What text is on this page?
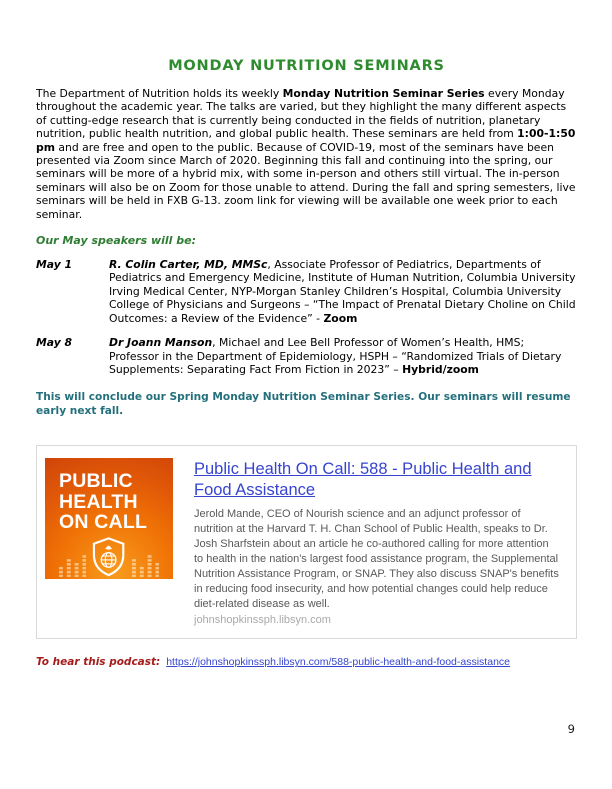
MONDAY NUTRITION SEMINARS

The Department of Nutrition holds its weekly Monday Nutrition Seminar Series every Monday throughout the academic year. The talks are varied, but they highlight the many different aspects of cutting-edge research that is currently being conducted in the fields of nutrition, planetary nutrition, public health nutrition, and global public health. These seminars are held from 1:00-1:50 pm and are free and open to the public. Because of COVID-19, most of the seminars have been presented via Zoom since March of 2020. Beginning this fall and continuing into the spring, our seminars will be more of a hybrid mix, with some in-person and others still virtual. The in-person seminars will also be on Zoom for those unable to attend. During the fall and spring semesters, live seminars will be held in FXB G-13. zoom link for viewing will be available one week prior to each seminar.

Our May speakers will be:

May 1	R. Colin Carter, MD, MMSc, Associate Professor of Pediatrics, Departments of Pediatrics and Emergency Medicine, Institute of Human Nutrition, Columbia University Irving Medical Center, NYP-Morgan Stanley Children’s Hospital, Columbia University College of Physicians and Surgeons – “The Impact of Prenatal Dietary Choline on Child Outcomes: a Review of the Evidence” - Zoom
May 8	Dr Joann Manson, Michael and Lee Bell Professor of Women’s Health, HMS; Professor in the Department of Epidemiology, HSPH – “Randomized Trials of Dietary Supplements: Separating Fact From Fiction in 2023” – Hybrid/zoom

This will conclude our Spring Monday Nutrition Seminar Series. Our seminars will resume early next fall.

PUBLIC
HEALTH
ON CALL
Public Health On Call: 588 - Public Health and Food Assistance

Jerold Mande, CEO of Nourish science and an adjunct professor of nutrition at the Harvard T. H. Chan School of Public Health, speaks to Dr. Josh Sharfstein about an article he co-authored calling for more attention to health in the nation's largest food assistance program, the Supplemental Nutrition Assistance Program, or SNAP. They also discuss SNAP's benefits in reducing food insecurity, and how potential changes could help reduce diet-related disease as well.

johnshopkinssph.libsyn.com

To hear this podcast: https://johnshopkinssph.libsyn.com/588-public-health-and-food-assistance

9
